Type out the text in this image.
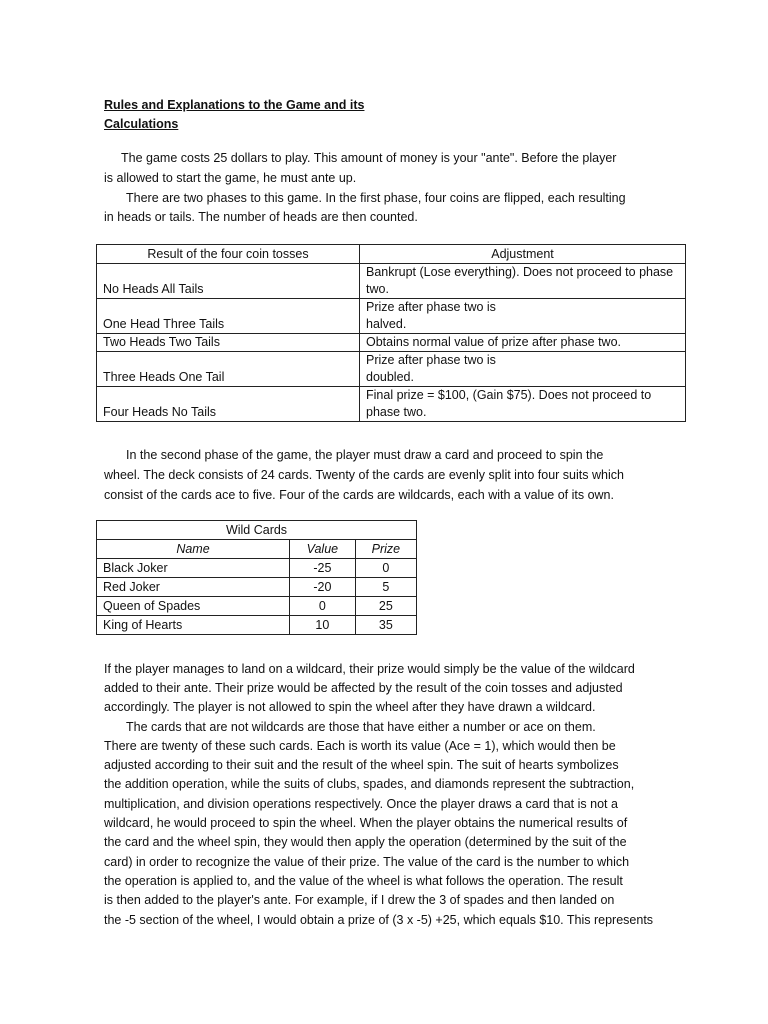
Rules and Explanations to the Game and its
Calculations
The game costs 25 dollars to play. This amount of money is your "ante". Before the player
is allowed to start the game, he must ante up.
There are two phases to this game. In the first phase, four coins are flipped, each resulting
in heads or tails. The number of heads are then counted.
Result of the four coin tosses	Adjustment
No Heads All Tails	Bankrupt (Lose everything). Does not proceed to phase
two.

One Head Three Tails	Prize after phase two is
halved.

Two Heads Two Tails	Obtains normal value of prize after phase two.

Three Heads One Tail	Prize after phase two is
doubled.

Four Heads No Tails	Final prize = $100, (Gain $75). Does not proceed to
phase two.
In the second phase of the game, the player must draw a card and proceed to spin the
wheel. The deck consists of 24 cards. Twenty of the cards are evenly split into four suits which
consist of the cards ace to five. Four of the cards are wildcards, each with a value of its own.
Wild Cards		
Name	Value	Prize
Black Joker	-25	0
Red Joker	-20	5
Queen of Spades	0	25
King of Hearts	10	35
If the player manages to land on a wildcard, their prize would simply be the value of the wildcard
added to their ante. Their prize would be affected by the result of the coin tosses and adjusted
accordingly. The player is not allowed to spin the wheel after they have drawn a wildcard.
The cards that are not wildcards are those that have either a number or ace on them.
There are twenty of these such cards. Each is worth its value (Ace = 1), which would then be
adjusted according to their suit and the result of the wheel spin. The suit of hearts symbolizes
the addition operation, while the suits of clubs, spades, and diamonds represent the subtraction,
multiplication, and division operations respectively. Once the player draws a card that is not a
wildcard, he would proceed to spin the wheel. When the player obtains the numerical results of
the card and the wheel spin, they would then apply the operation (determined by the suit of the
card) in order to recognize the value of their prize. The value of the card is the number to which
the operation is applied to, and the value of the wheel is what follows the operation. The result
is then added to the player's ante. For example, if I drew the 3 of spades and then landed on
the -5 section of the wheel, I would obtain a prize of (3 x -5) +25, which equals $10. This represents
